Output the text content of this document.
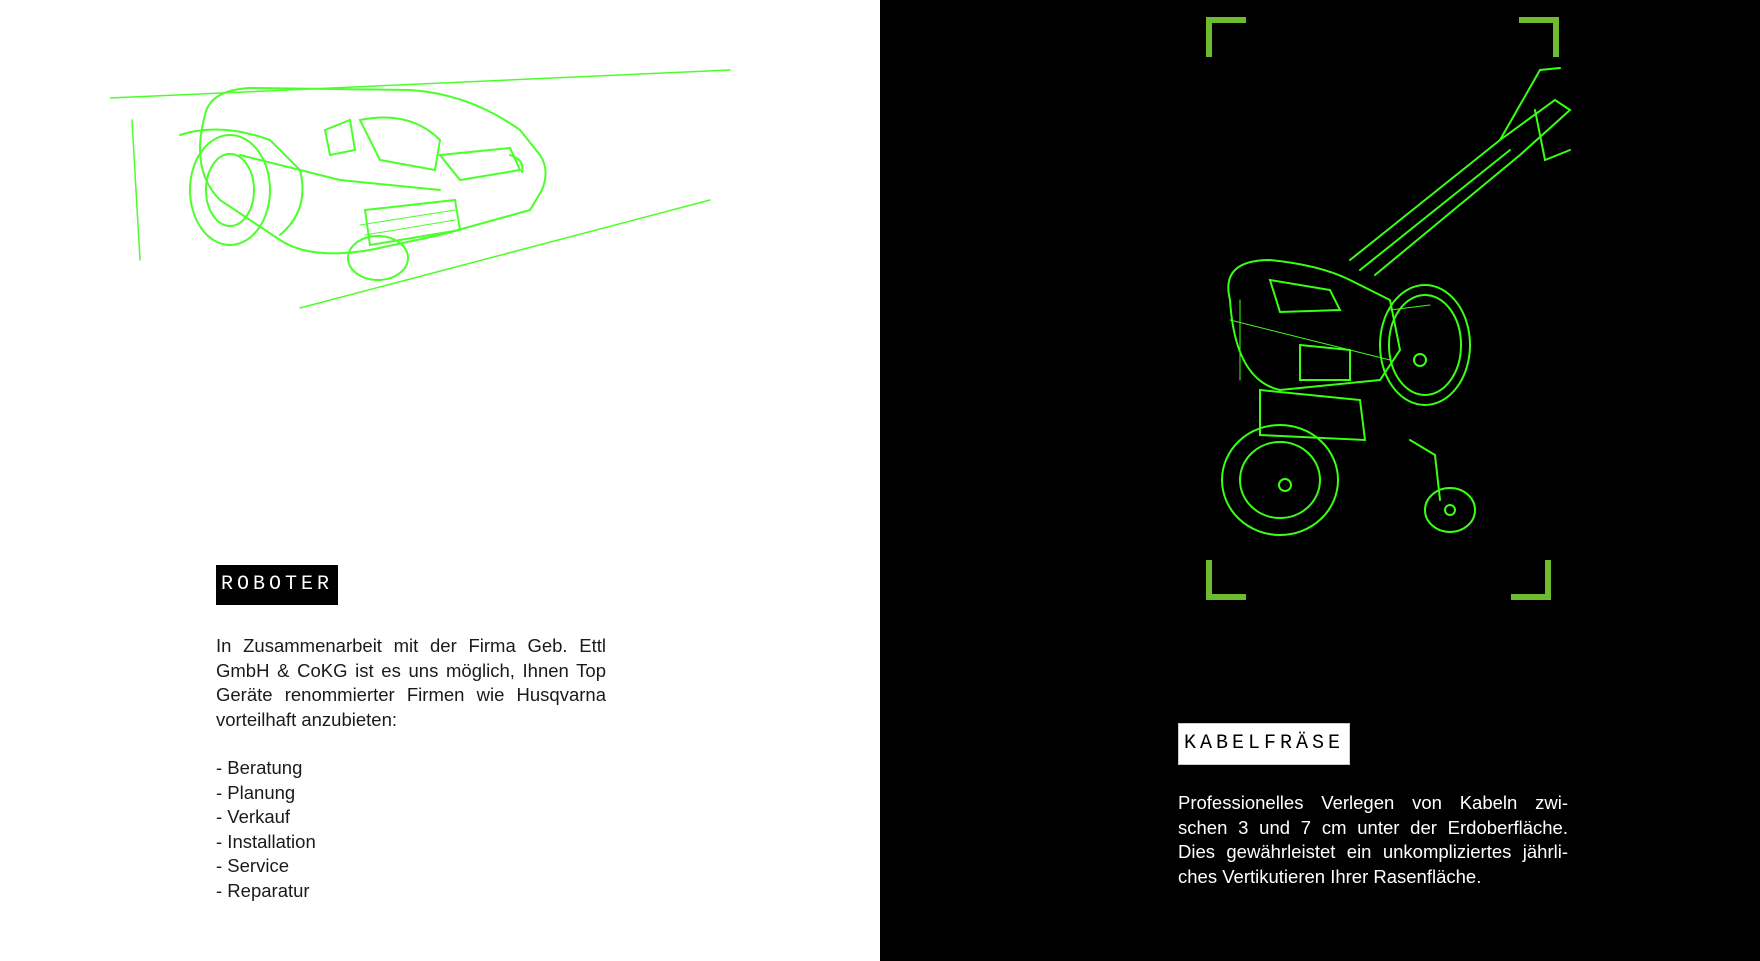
ROBOTER
In Zusammenarbeit mit der Firma Geb. Ettl GmbH & CoKG ist es uns möglich, Ihnen Top Geräte renommierter Firmen wie Husqvarna vorteilhaft anzubieten:
- Beratung
- Planung
- Verkauf
- Installation
- Service
- Reparatur
KABELFRÄSE
Professionelles Verlegen von Kabeln zwi-
schen 3 und 7 cm unter der Erdoberfläche.
Dies gewährleistet ein unkompliziertes jährli-
ches Vertikutieren Ihrer Rasenfläche.
